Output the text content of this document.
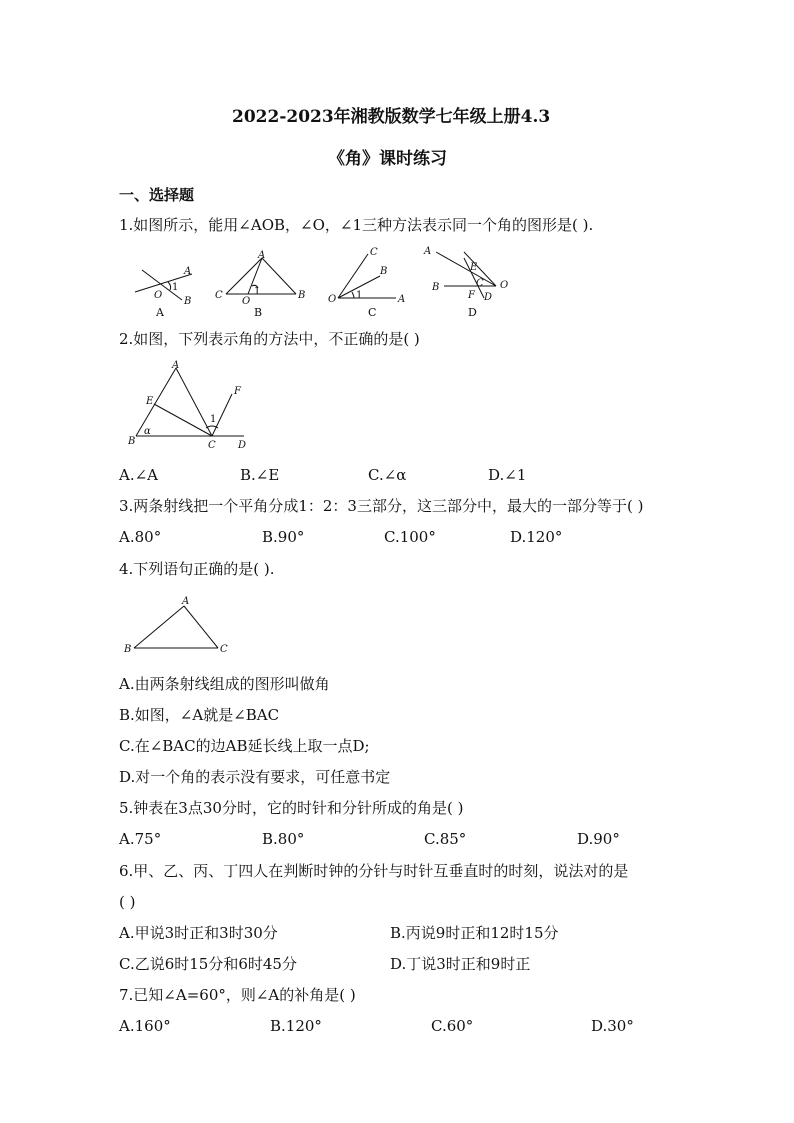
2022-2023年湘教版数学七年级上册4.3
《角》课时练习
一、选择题
1.如图所示，能用∠AOB，∠O，∠1三种方法表示同一个角的图形是( ).
A
O
1
B
A
A
C
O
1	B
B
C
B
O 1	A
C
A
E
B
F
C
D
O
D
2.如图，下列表示角的方法中，不正确的是( )
A
E
F
1
B
α
C D
A.∠A	B.∠E	C.∠α	D.∠1
3.两条射线把一个平角分成1：2：3三部分，这三部分中，最大的一部分等于( )
A.80°	B.90°	C.100°	D.120°
4.下列语句正确的是( ).
A
B	C
A.由两条射线组成的图形叫做角
B.如图，∠A就是∠BAC
C.在∠BAC的边AB延长线上取一点D;
D.对一个角的表示没有要求，可任意书定
5.钟表在3点30分时，它的时针和分针所成的角是( )
A.75°	B.80°	C.85°	D.90°
6.甲、乙、丙、丁四人在判断时钟的分针与时针互垂直时的时刻，说法对的是
( )
A.甲说3时正和3时30分	B.丙说9时正和12时15分
C.乙说6时15分和6时45分	D.丁说3时正和9时正
7.已知∠A=60°，则∠A的补角是( )
A.160°	B.120°	C.60°	D.30°
